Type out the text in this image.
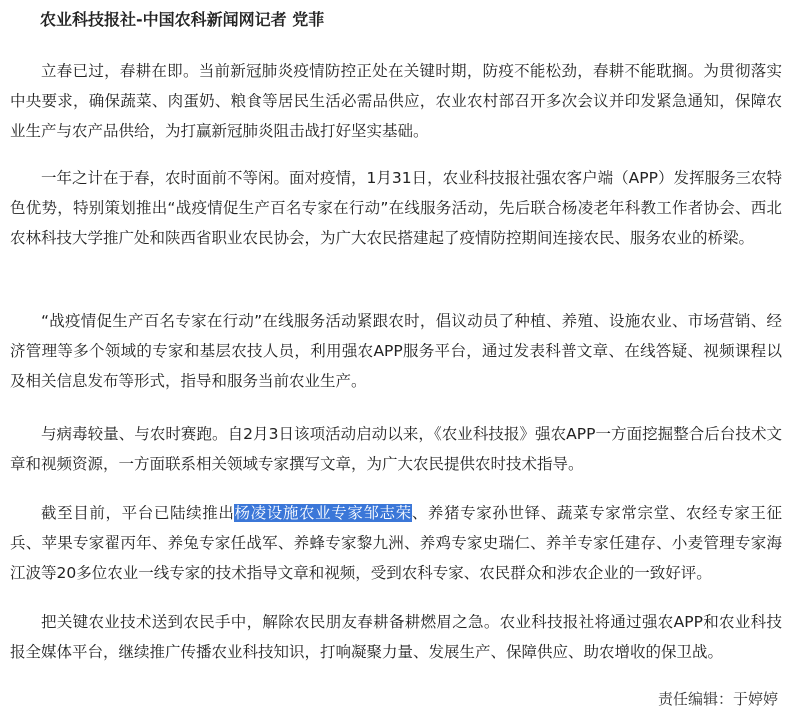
农业科技报社-中国农科新闻网记者 党菲

立春已过，春耕在即。当前新冠肺炎疫情防控正处在关键时期，防疫不能松劲，春耕不能耽搁。为贯彻落实中央要求，确保蔬菜、肉蛋奶、粮食等居民生活必需品供应，农业农村部召开多次会议并印发紧急通知，保障农业生产与农产品供给，为打赢新冠肺炎阻击战打好坚实基础。

一年之计在于春，农时面前不等闲。面对疫情，1月31日，农业科技报社强农客户端（APP）发挥服务三农特色优势，特别策划推出“战疫情促生产百名专家在行动”在线服务活动，先后联合杨凌老年科教工作者协会、西北农林科技大学推广处和陕西省职业农民协会，为广大农民搭建起了疫情防控期间连接农民、服务农业的桥梁。

“战疫情促生产百名专家在行动”在线服务活动紧跟农时，倡议动员了种植、养殖、设施农业、市场营销、经济管理等多个领域的专家和基层农技人员，利用强农APP服务平台，通过发表科普文章、在线答疑、视频课程以及相关信息发布等形式，指导和服务当前农业生产。

与病毒较量、与农时赛跑。自2月3日该项活动启动以来，《农业科技报》强农APP一方面挖掘整合后台技术文章和视频资源，一方面联系相关领域专家撰写文章，为广大农民提供农时技术指导。

截至目前，平台已陆续推出杨凌设施农业专家邹志荣、养猪专家孙世铎、蔬菜专家常宗堂、农经专家王征兵、苹果专家翟丙年、养兔专家任战军、养蜂专家黎九洲、养鸡专家史瑞仁、养羊专家任建存、小麦管理专家海江波等20多位农业一线专家的技术指导文章和视频，受到农科专家、农民群众和涉农企业的一致好评。

把关键农业技术送到农民手中，解除农民朋友春耕备耕燃眉之急。农业科技报社将通过强农APP和农业科技报全媒体平台，继续推广传播农业科技知识，打响凝聚力量、发展生产、保障供应、助农增收的保卫战。

责任编辑：于婷婷
